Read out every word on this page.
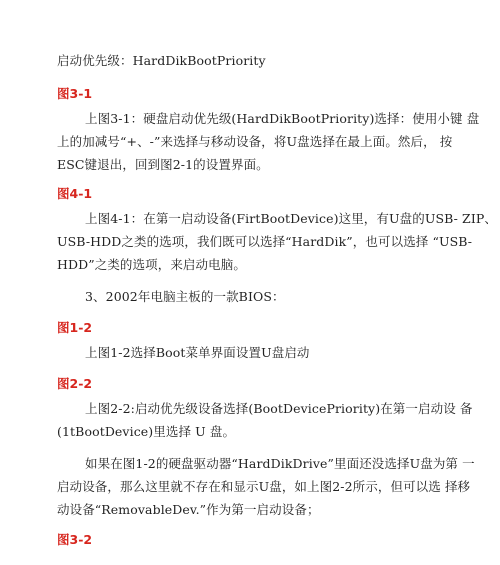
启动优先级：HardDikBootPriority
图3-1
上图3-1：硬盘启动优先级(HardDikBootPriority)选择：使用小键 盘
上的加减号“+、-”来选择与移动设备，将U盘选择在最上面。然后， 按
ESC键退出，回到图2-1的设置界面。
图4-1
上图4-1：在第一启动设备(FirtBootDevice)这里，有U盘的USB- ZIP、
USB-HDD之类的选项，我们既可以选择“HardDik”，也可以选择 “USB-
HDD”之类的选项，来启动电脑。
3、2002年电脑主板的一款BIOS：
图1-2
上图1-2选择Boot菜单界面设置U盘启动
图2-2
上图2-2:启动优先级设备选择(BootDevicePriority)在第一启动设 备
(1tBootDevice)里选择 U 盘。
如果在图1-2的硬盘驱动器“HardDikDrive”里面还没选择U盘为第 一
启动设备，那么这里就不存在和显示U盘，如上图2-2所示，但可以选 择移
动设备“RemovableDev.”作为第一启动设备；
图3-2
